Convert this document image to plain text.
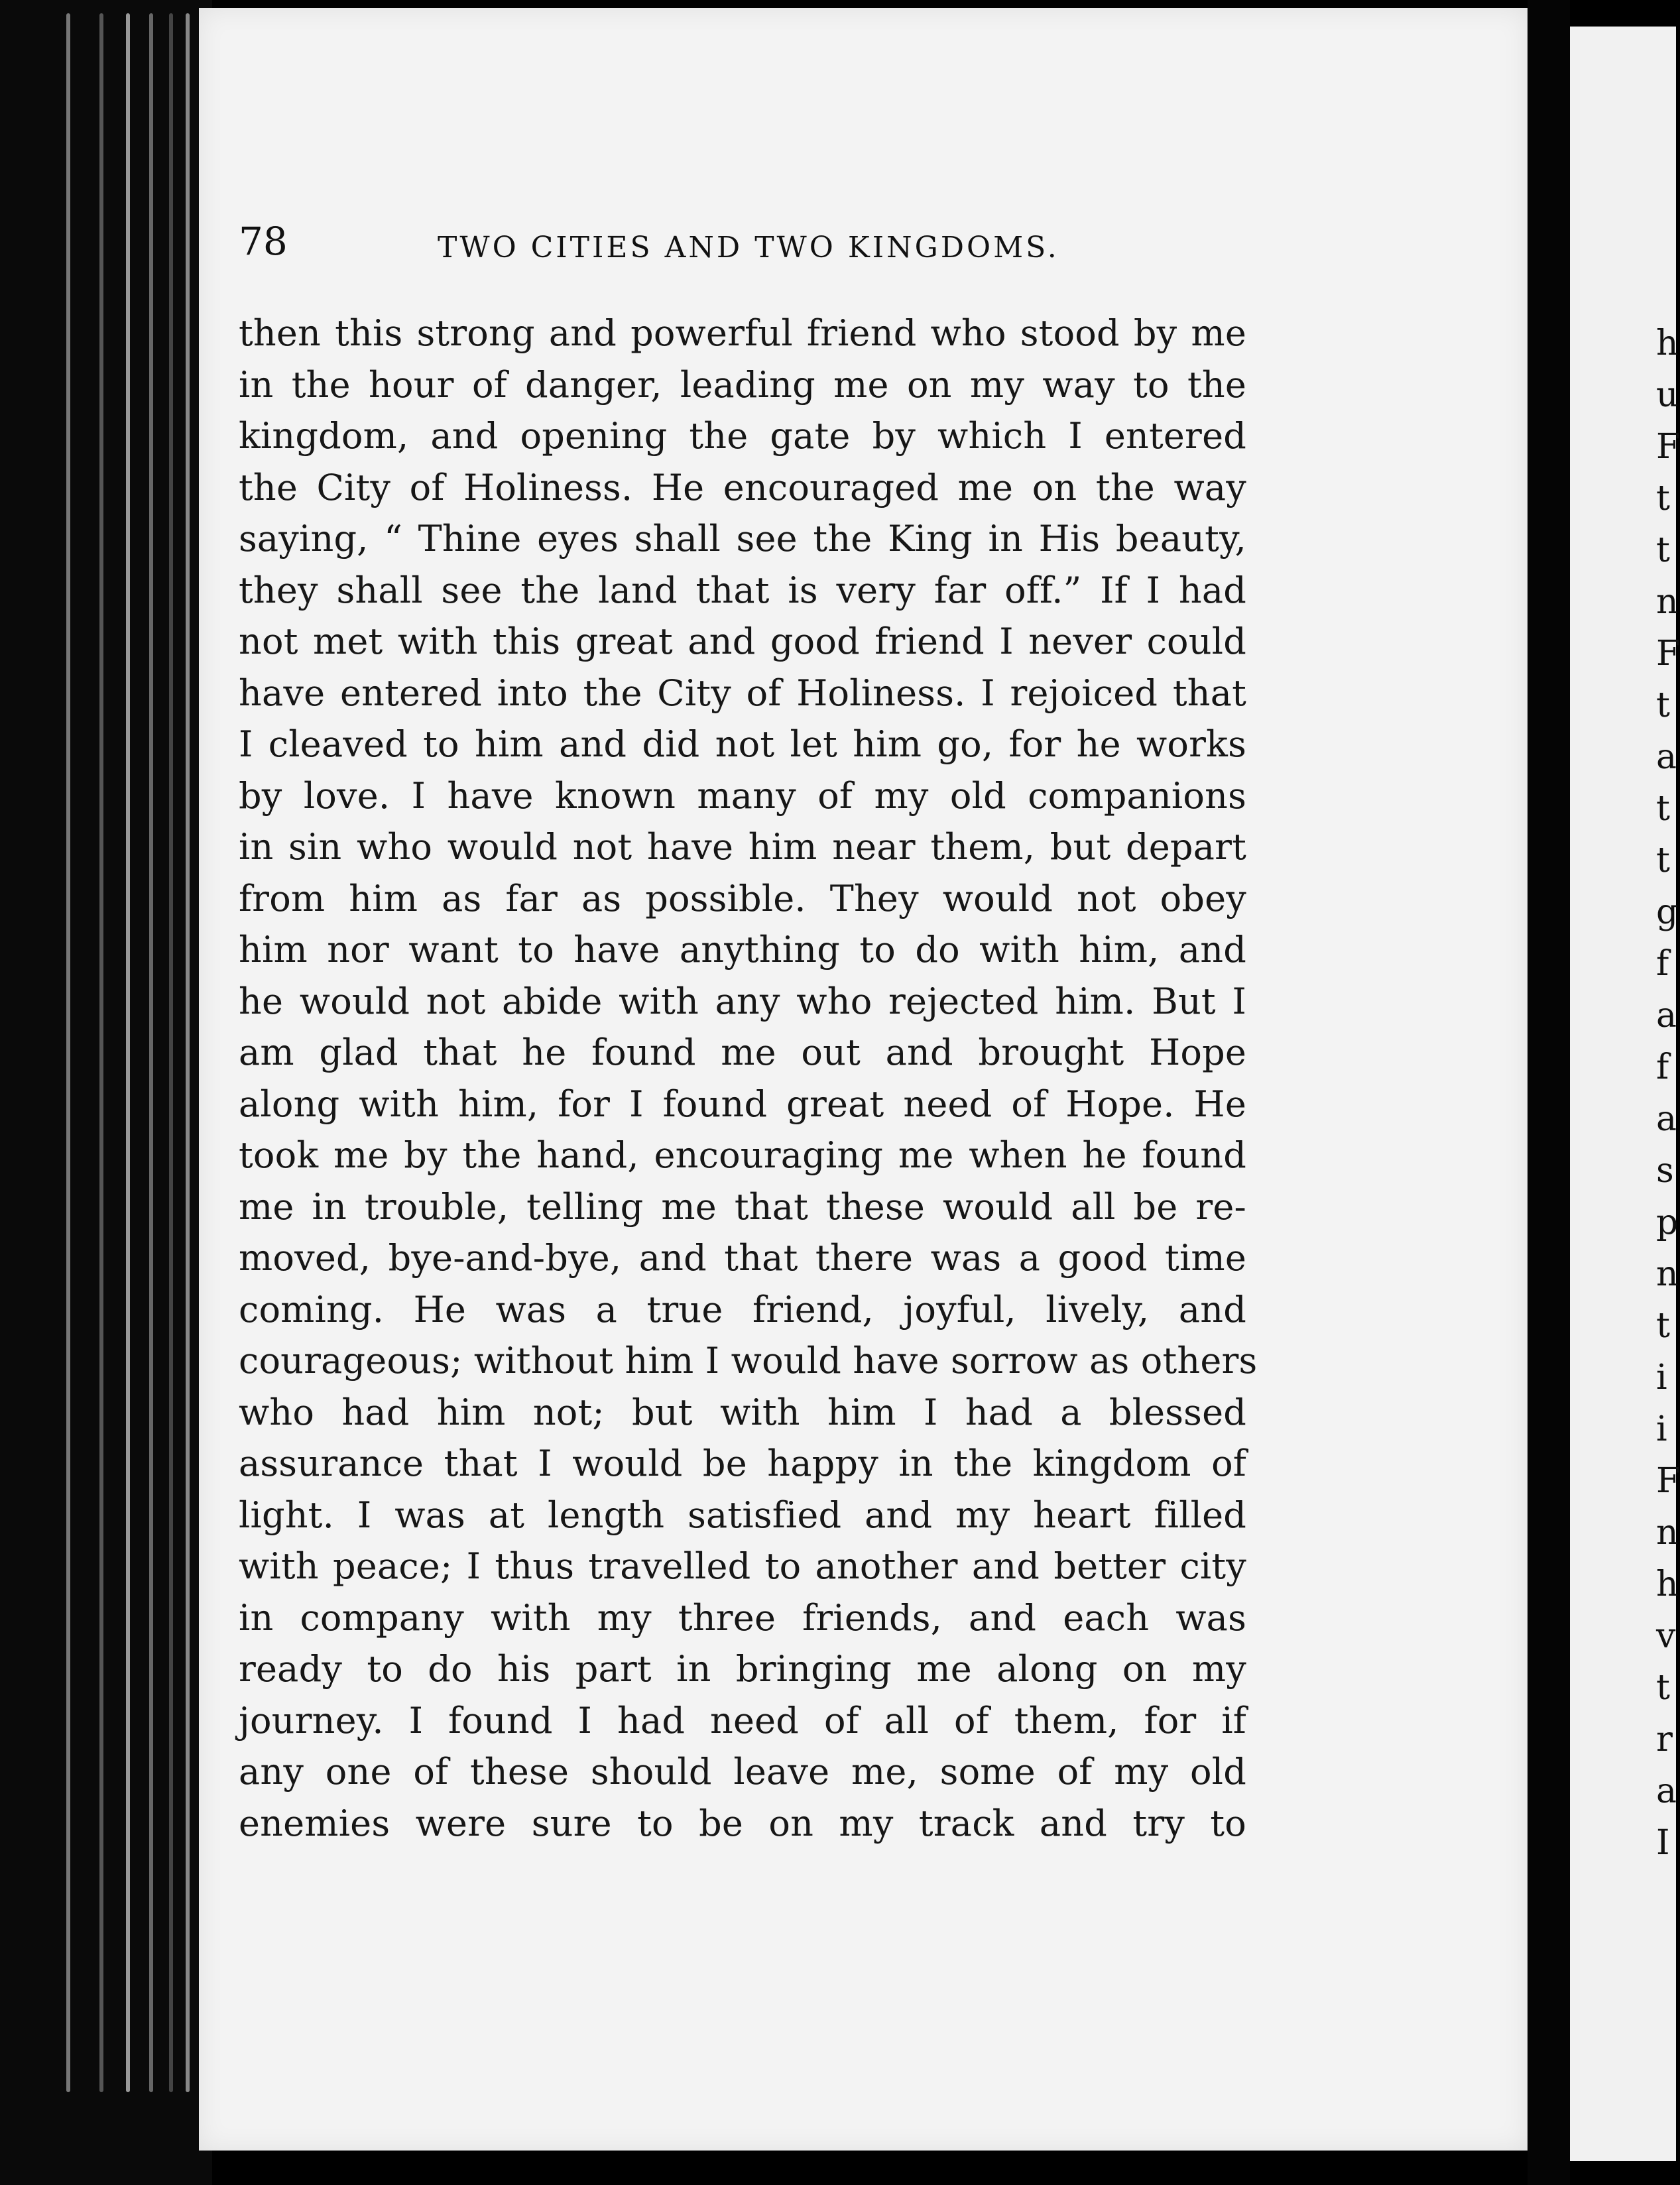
78	TWO CITIES AND TWO KINGDOMS.
then this strong and powerful friend who stood by me
in the hour of danger, leading me on my way to the
kingdom, and opening the gate by which I entered
the City of Holiness. He encouraged me on the way
saying, “ Thine eyes shall see the King in His beauty,
they shall see the land that is very far off.” If I had
not met with this great and good friend I never could
have entered into the City of Holiness. I rejoiced that
I cleaved to him and did not let him go, for he works
by love. I have known many of my old companions
in sin who would not have him near them, but depart
from him as far as possible. They would not obey
him nor want to have anything to do with him, and
he would not abide with any who rejected him. But I
am glad that he found me out and brought Hope
along with him, for I found great need of Hope. He
took me by the hand, encouraging me when he found
me in trouble, telling me that these would all be re-
moved, bye-and-bye, and that there was a good time
coming. He was a true friend, joyful, lively, and
courageous; without him I would have sorrow as others
who had him not; but with him I had a blessed
assurance that I would be happy in the kingdom of
light. I was at length satisfied and my heart filled
with peace; I thus travelled to another and better city
in company with my three friends, and each was
ready to do his part in bringing me along on my
journey. I found I had need of all of them, for if
any one of these should leave me, some of my old
enemies were sure to be on my track and try to
h
u
F
t
t
n
F
t
a
t
t
g
f
a
f
a
s
p
n
t
i
i
F
n
h
v
t
r
a
I
